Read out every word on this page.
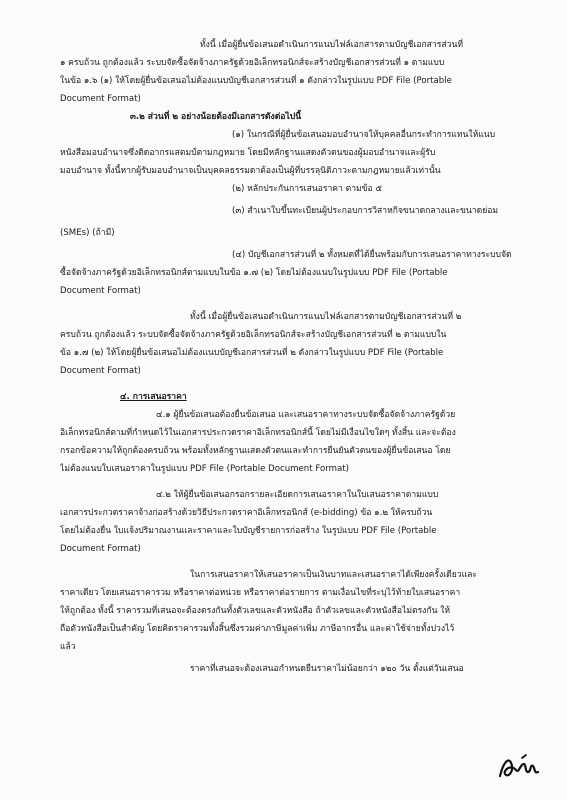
ทั้งนี้ เมื่อผู้ยื่นข้อเสนอดำเนินการแนบไฟล์เอกสารตามบัญชีเอกสารส่วนที่
๑ ครบถ้วน ถูกต้องแล้ว ระบบจัดซื้อจัดจ้างภาครัฐด้วยอิเล็กทรอนิกส์จะสร้างบัญชีเอกสารส่วนที่ ๑ ตามแบบ
ในข้อ ๑.๖ (๑) ให้โดยผู้ยื่นข้อเสนอไม่ต้องแนบบัญชีเอกสารส่วนที่ ๑ ดังกล่าวในรูปแบบ PDF File (Portable
Document Format)
๓.๒ ส่วนที่ ๒ อย่างน้อยต้องมีเอกสารดังต่อไปนี้
(๑) ในกรณีที่ผู้ยื่นข้อเสนอมอบอำนาจให้บุคคลอื่นกระทำการแทนให้แนบ
หนังสือมอบอำนาจซึ่งติดอากรแสตมป์ตามกฎหมาย โดยมีหลักฐานแสดงตัวตนของผู้มอบอำนาจและผู้รับ
มอบอำนาจ ทั้งนี้หากผู้รับมอบอำนาจเป็นบุคคลธรรมดาต้องเป็นผู้ที่บรรลุนิติภาวะตามกฎหมายแล้วเท่านั้น
(๒) หลักประกันการเสนอราคา ตามข้อ ๕
(๓) สำเนาใบขึ้นทะเบียนผู้ประกอบการวิสาหกิจขนาดกลางและขนาดย่อม
(SMEs) (ถ้ามี)
(๔) บัญชีเอกสารส่วนที่ ๒ ทั้งหมดที่ได้ยื่นพร้อมกับการเสนอราคาทางระบบจัด
ซื้อจัดจ้างภาครัฐด้วยอิเล็กทรอนิกส์ตามแบบในข้อ ๑.๗ (๒) โดยไม่ต้องแนบในรูปแบบ PDF File (Portable
Document Format)
ทั้งนี้ เมื่อผู้ยื่นข้อเสนอดำเนินการแนบไฟล์เอกสารตามบัญชีเอกสารส่วนที่ ๒
ครบถ้วน ถูกต้องแล้ว ระบบจัดซื้อจัดจ้างภาครัฐด้วยอิเล็กทรอนิกส์จะสร้างบัญชีเอกสารส่วนที่ ๒ ตามแบบใน
ข้อ ๑.๗ (๒) ให้โดยผู้ยื่นข้อเสนอไม่ต้องแนบบัญชีเอกสารส่วนที่ ๒ ดังกล่าวในรูปแบบ PDF File (Portable
Document Format)
๔. การเสนอราคา
๔.๑ ผู้ยื่นข้อเสนอต้องยื่นข้อเสนอ และเสนอราคาทางระบบจัดซื้อจัดจ้างภาครัฐด้วย
อิเล็กทรอนิกส์ตามที่กำหนดไว้ในเอกสารประกวดราคาอิเล็กทรอนิกส์นี้ โดยไม่มีเงื่อนไขใดๆ ทั้งสิ้น และจะต้อง
กรอกข้อความให้ถูกต้องครบถ้วน พร้อมทั้งหลักฐานแสดงตัวตนและทำการยืนยันตัวตนของผู้ยื่นข้อเสนอ โดย
ไม่ต้องแนบใบเสนอราคาในรูปแบบ PDF File (Portable Document Format)
๔.๒ ให้ผู้ยื่นข้อเสนอกรอกรายละเอียดการเสนอราคาในใบเสนอราคาตามแบบ
เอกสารประกวดราคาจ้างก่อสร้างด้วยวิธีประกวดราคาอิเล็กทรอนิกส์ (e-bidding) ข้อ ๑.๒ ให้ครบถ้วน
โดยไม่ต้องยื่น ใบแจ้งปริมาณงานและราคาและใบบัญชีรายการก่อสร้าง ในรูปแบบ PDF File (Portable
Document Format)
ในการเสนอราคาให้เสนอราคาเป็นเงินบาทและเสนอราคาได้เพียงครั้งเดียวและ
ราคาเดียว โดยเสนอราคารวม หรือราคาต่อหน่วย หรือราคาต่อรายการ ตามเงื่อนไขที่ระบุไว้ท้ายใบเสนอราคา
ให้ถูกต้อง ทั้งนี้ ราคารวมที่เสนอจะต้องตรงกันทั้งตัวเลขและตัวหนังสือ ถ้าตัวเลขและตัวหนังสือไม่ตรงกัน ให้
ถือตัวหนังสือเป็นสำคัญ โดยคิดราคารวมทั้งสิ้นซึ่งรวมค่าภาษีมูลค่าเพิ่ม ภาษีอากรอื่น และค่าใช้จ่ายทั้งปวงไว้
แล้ว
ราคาที่เสนอจะต้องเสนอกำหนดยืนราคาไม่น้อยกว่า ๑๒๐ วัน ตั้งแต่วันเสนอ
